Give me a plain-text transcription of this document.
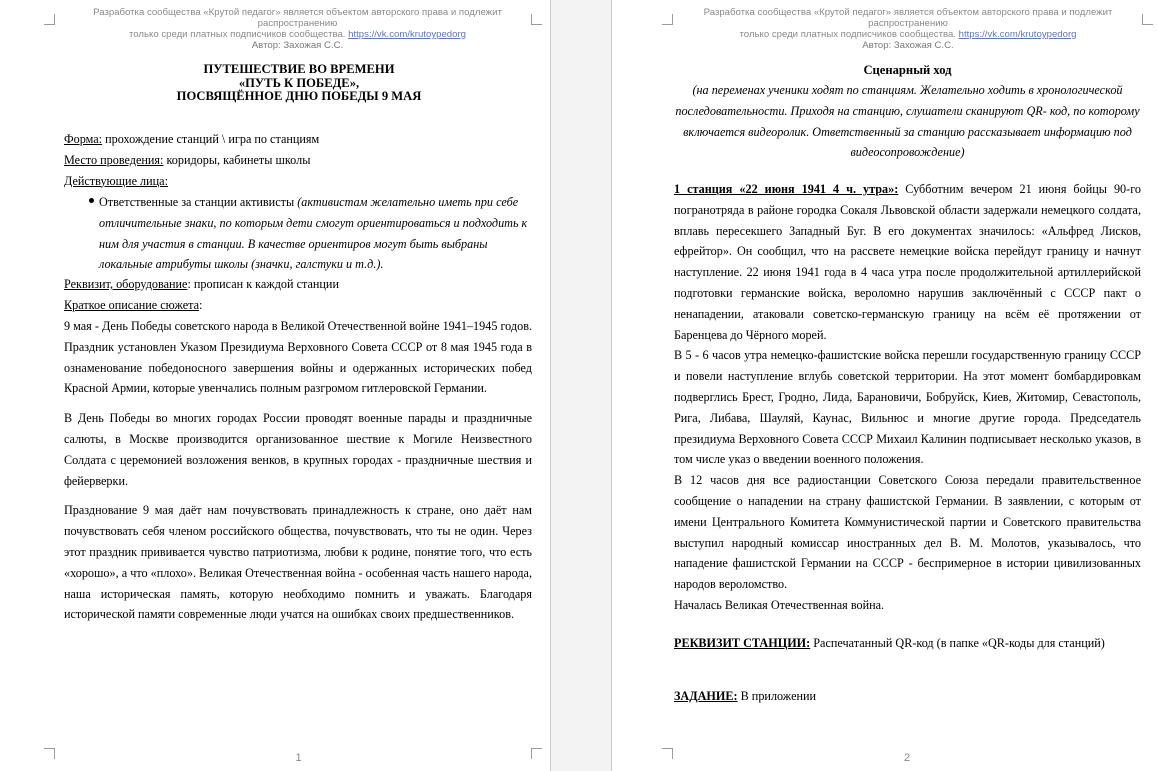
Разработка сообщества «Крутой педагог» является объектом авторского права и подлежит распространению
только среди платных подписчиков сообщества. https://vk.com/krutoypedorg
Автор: Захожая С.С.
ПУТЕШЕСТВИЕ ВО ВРЕМЕНИ
«ПУТЬ К ПОБЕДЕ»,
ПОСВЯЩЁННОЕ ДНЮ ПОБЕДЫ 9 МАЯ
Форма: прохождение станций \ игра по станциям
Место проведения: коридоры, кабинеты школы
Действующие лица:
Ответственные за станции активисты (активистам желательно иметь при себе отличительные знаки, по которым дети смогут ориентироваться и подходить к ним для участия в станции. В качестве ориентиров могут быть выбраны локальные атрибуты школы (значки, галстуки и т.д.).
Реквизит, оборудование: прописан к каждой станции
Краткое описание сюжета:
9 мая - День Победы советского народа в Великой Отечественной войне 1941–1945 годов. Праздник установлен Указом Президиума Верховного Совета СССР от 8 мая 1945 года в ознаменование победоносного завершения войны и одержанных исторических побед Красной Армии, которые увенчались полным разгромом гитлеровской Германии.
В День Победы во многих городах России проводят военные парады и праздничные салюты, в Москве производится организованное шествие к Могиле Неизвестного Солдата с церемонией возложения венков, в крупных городах - праздничные шествия и фейерверки.
Празднование 9 мая даёт нам почувствовать принадлежность к стране, оно даёт нам почувствовать себя членом российского общества, почувствовать, что ты не один. Через этот праздник прививается чувство патриотизма, любви к родине, понятие того, что есть «хорошо», а что «плохо». Великая Отечественная война - особенная часть нашего народа, наша историческая память, которую необходимо помнить и уважать. Благодаря исторической памяти современные люди учатся на ошибках своих предшественников.
1
Разработка сообщества «Крутой педагог» является объектом авторского права и подлежит распространению
только среди платных подписчиков сообщества. https://vk.com/krutoypedorg
Автор: Захожая С.С.
Сценарный ход
(на переменах ученики ходят по станциям. Желательно ходить в хронологической последовательности. Приходя на станцию, слушатели сканируют QR- код, по которому включается видеоролик. Ответственный за станцию рассказывает информацию под видеосопровождение)
1 станция «22 июня 1941 4 ч. утра»: Субботним вечером 21 июня бойцы 90-го погранотряда в районе городка Сокаля Львовской области задержали немецкого солдата, вплавь пересекшего Западный Буг. В его документах значилось: «Альфред Лисков, ефрейтор». Он сообщил, что на рассвете немецкие войска перейдут границу и начнут наступление. 22 июня 1941 года в 4 часа утра после продолжительной артиллерийской подготовки германские войска, вероломно нарушив заключённый с СССР пакт о ненападении, атаковали советско-германскую границу на всём её протяжении от Баренцева до Чёрного морей.
В 5 - 6 часов утра немецко-фашистские войска перешли государственную границу СССР и повели наступление вглубь советской территории. На этот момент бомбардировкам подверглись Брест, Гродно, Лида, Барановичи, Бобруйск, Киев, Житомир, Севастополь, Рига, Либава, Шауляй, Каунас, Вильнюс и многие другие города. Председатель президиума Верховного Совета СССР Михаил Калинин подписывает несколько указов, в том числе указ о введении военного положения.
В 12 часов дня все радиостанции Советского Союза передали правительственное сообщение о нападении на страну фашистской Германии. В заявлении, с которым от имени Центрального Комитета Коммунистической партии и Советского правительства выступил народный комиссар иностранных дел В. М. Молотов, указывалось, что нападение фашистской Германии на СССР - беспримерное в истории цивилизованных народов вероломство.
Началась Великая Отечественная война.
РЕКВИЗИТ СТАНЦИИ: Распечатанный QR-код (в папке «QR-коды для станций)
ЗАДАНИЕ: В приложении
2
